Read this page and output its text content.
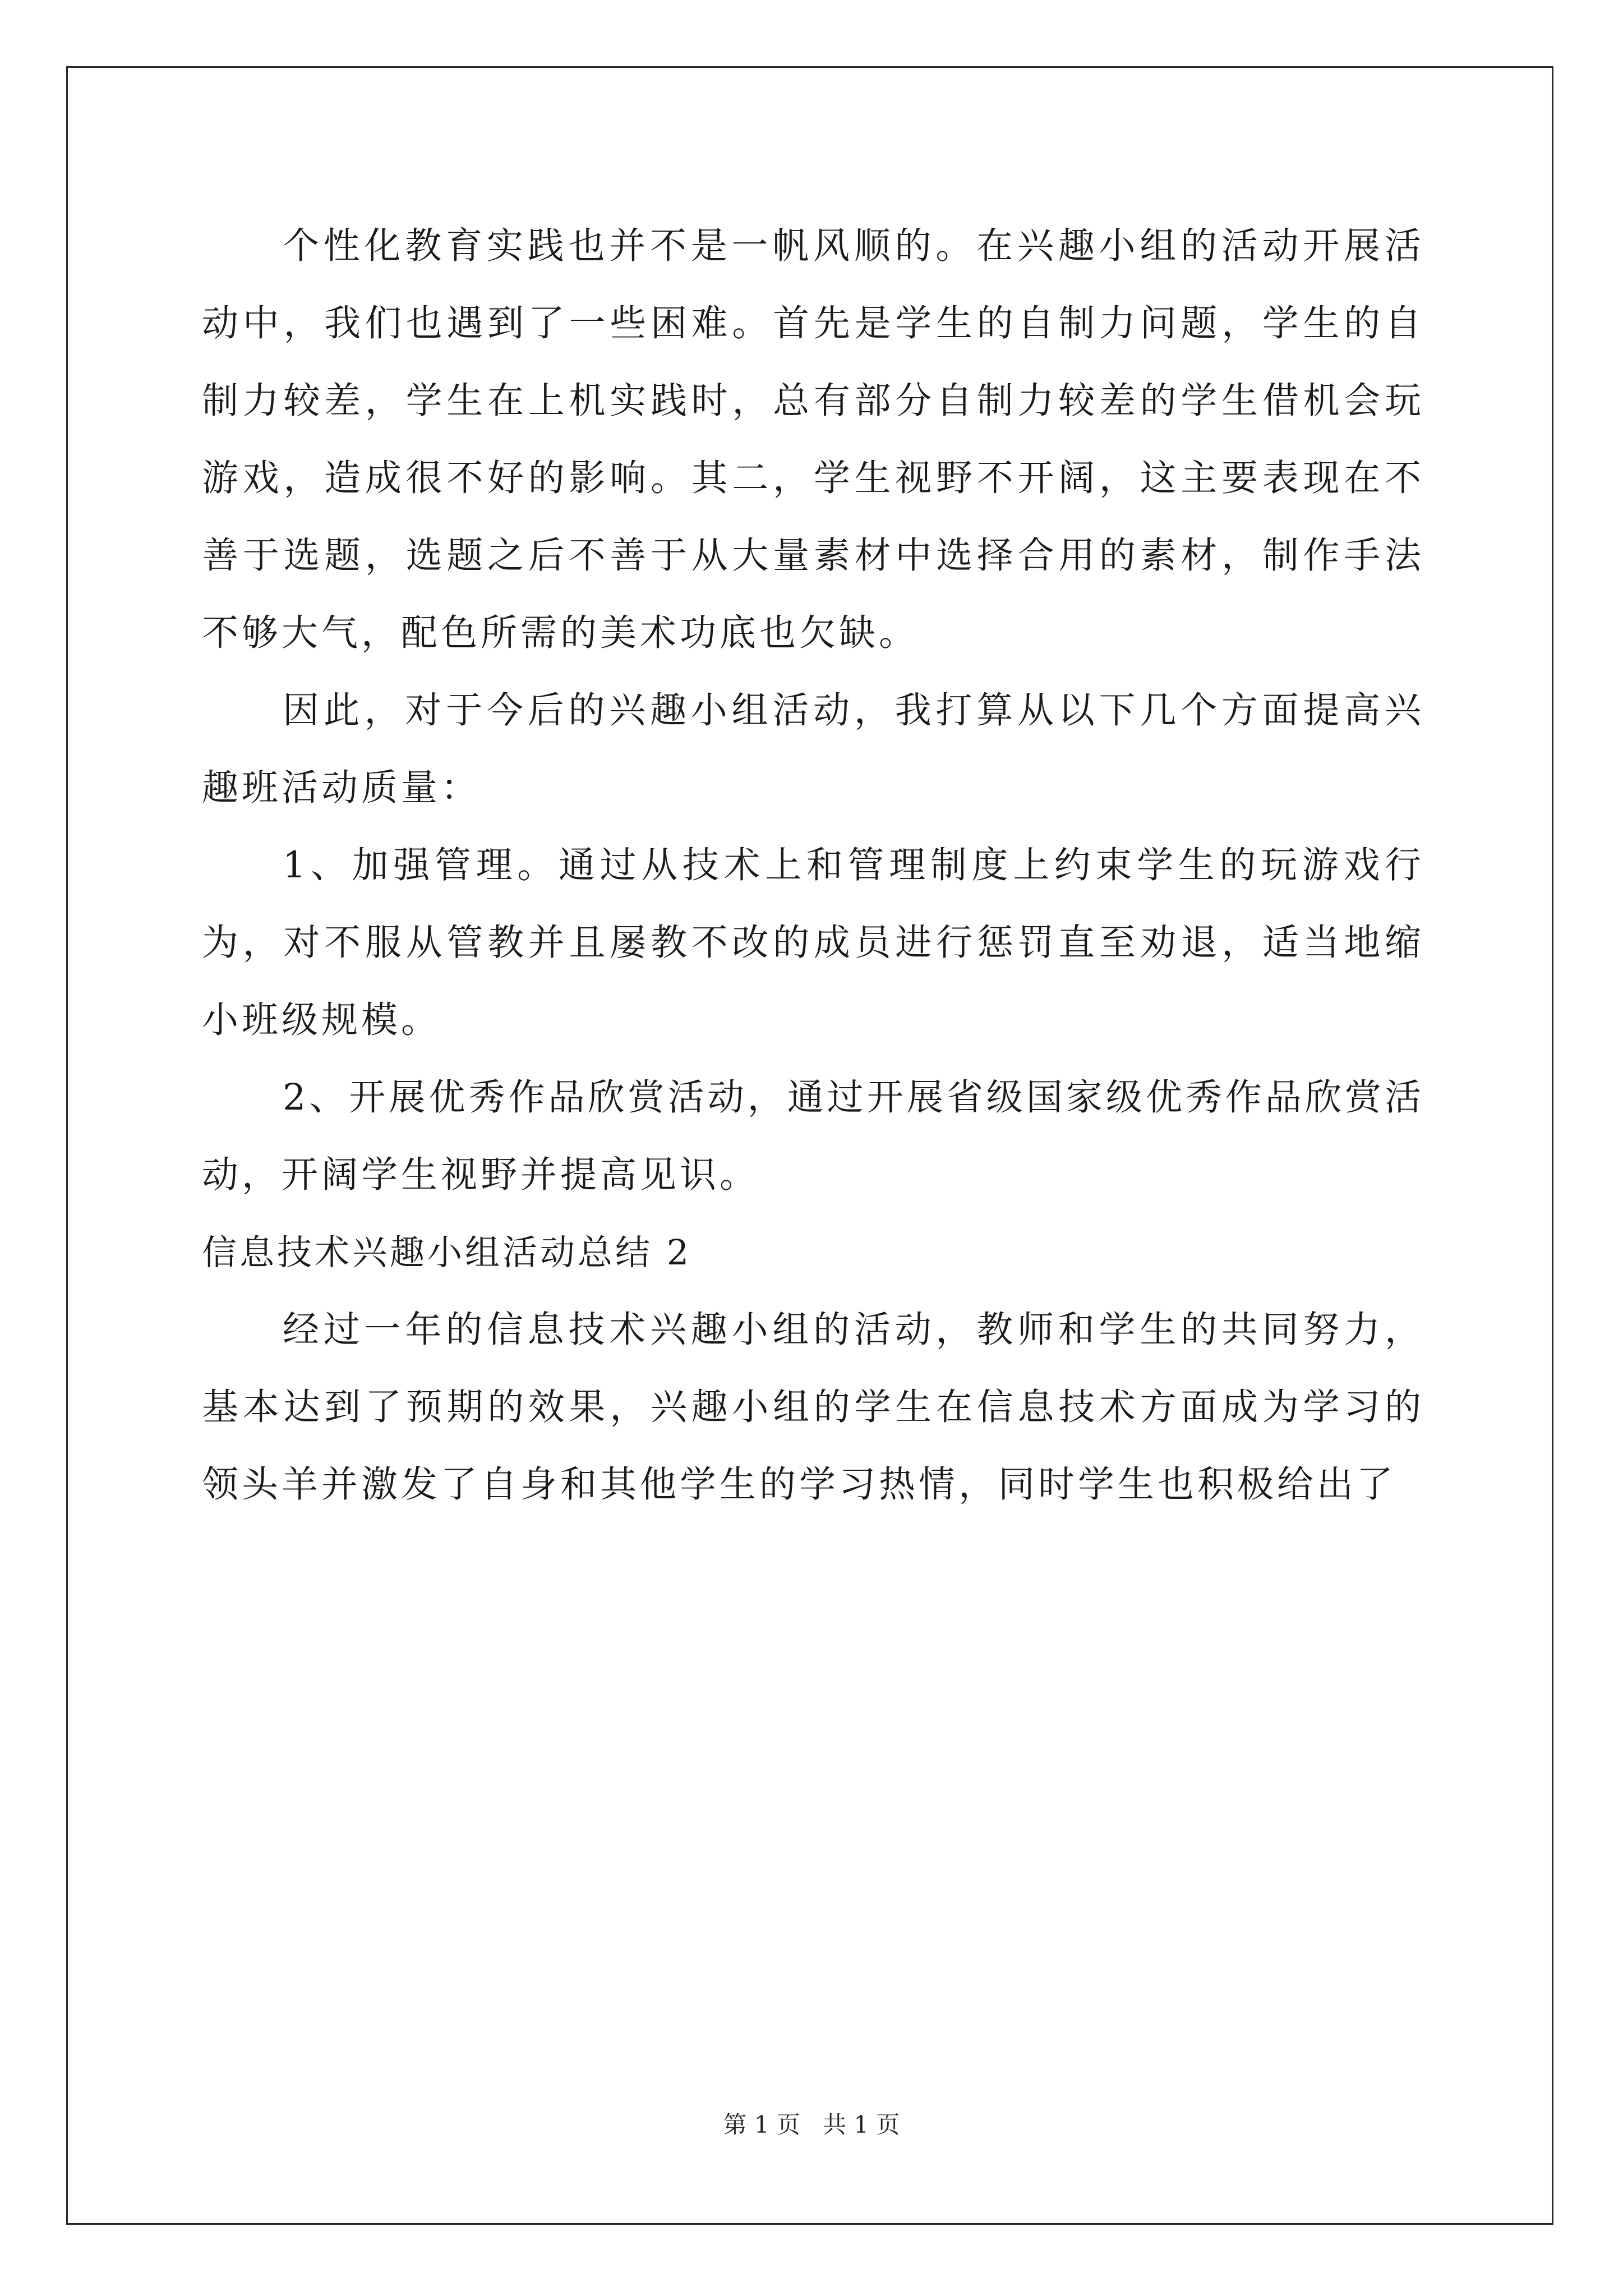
个性化教育实践也并不是一帆风顺的。在兴趣小组的活动开展活动中，我们也遇到了一些困难。首先是学生的自制力问题，学生的自制力较差，学生在上机实践时，总有部分自制力较差的学生借机会玩游戏，造成很不好的影响。其二，学生视野不开阔，这主要表现在不善于选题，选题之后不善于从大量素材中选择合用的素材，制作手法不够大气，配色所需的美术功底也欠缺。

因此，对于今后的兴趣小组活动，我打算从以下几个方面提高兴趣班活动质量：

1、加强管理。通过从技术上和管理制度上约束学生的玩游戏行为，对不服从管教并且屡教不改的成员进行惩罚直至劝退，适当地缩小班级规模。

2、开展优秀作品欣赏活动，通过开展省级国家级优秀作品欣赏活动，开阔学生视野并提高见识。

信息技术兴趣小组活动总结 2

经过一年的信息技术兴趣小组的活动，教师和学生的共同努力，基本达到了预期的效果，兴趣小组的学生在信息技术方面成为学习的领头羊并激发了自身和其他学生的学习热情，同时学生也积极给出了

第 1 页 共 1 页
